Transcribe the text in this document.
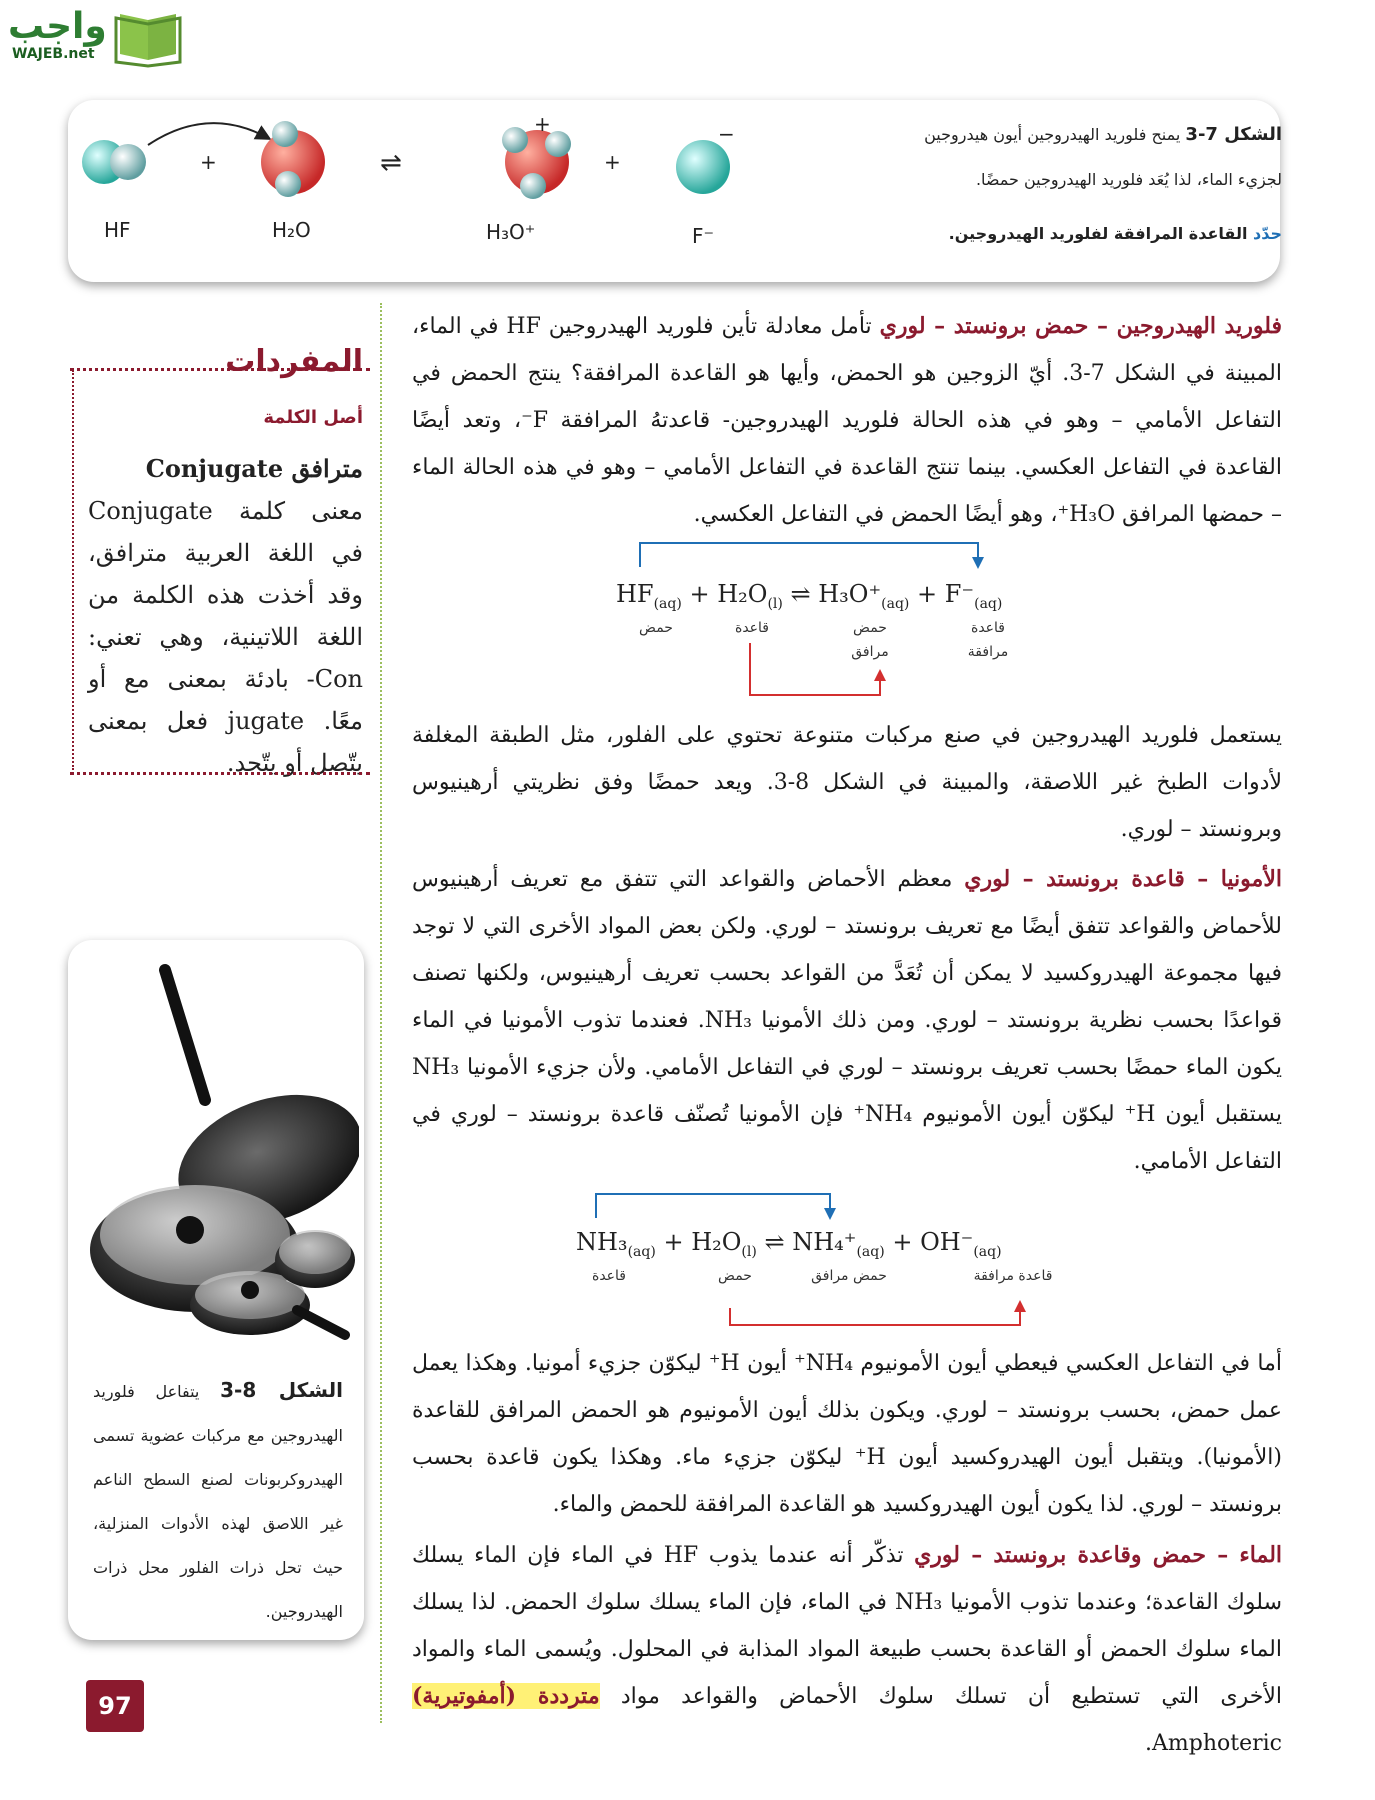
واجب
WAJEB.net
+	⇌
+
+
−
HF	H₂O	H₃O⁺	F⁻
الشكل 7-3 يمنح فلوريد الهيدروجين أيون هيدروجين
لجزيء الماء، لذا يُعَد فلوريد الهيدروجين حمضًا.
حدّد القاعدة المرافقة لفلوريد الهيدروجين.
المفردات
أصل الكلمة
مترافق Conjugate
معنى كلمة Conjugate في اللغة العربية مترافق، وقد أخذت هذه الكلمة من اللغة اللاتينية، وهي تعني: Con- بادئة بمعنى مع أو معًا. jugate فعل بمعنى يتّصل أو يتّحد.
الشكل 8-3 يتفاعل فلوريد الهيدروجين مع مركبات عضوية تسمى الهيدروكربونات لصنع السطح الناعم غير اللاصق لهذه الأدوات المنزلية، حيث تحل ذرات الفلور محل ذرات الهيدروجين.
فلوريد الهيدروجين – حمض برونستد – لوري تأمل معادلة تأين فلوريد الهيدروجين HF في الماء، المبينة في الشكل 7-3. أيّ الزوجين هو الحمض، وأيها هو القاعدة المرافقة؟ ينتج الحمض في التفاعل الأمامي – وهو في هذه الحالة فلوريد الهيدروجين- قاعدتهُ المرافقة F⁻، وتعد أيضًا القاعدة في التفاعل العكسي. بينما تنتج القاعدة في التفاعل الأمامي – وهو في هذه الحالة الماء – حمضها المرافق H₃O⁺، وهو أيضًا الحمض في التفاعل العكسي.
$HF_{(aq)} + H_2O_{(l)}$ ⇌ $H_3O^+_{(aq)} + F^-_{(aq)}$
حمض	قاعدة	حمض
مرافق
قاعدة
مرافقة
يستعمل فلوريد الهيدروجين في صنع مركبات متنوعة تحتوي على الفلور، مثل الطبقة المغلفة لأدوات الطبخ غير اللاصقة، والمبينة في الشكل 8-3. ويعد حمضًا وفق نظريتي أرهينيوس وبرونستد – لوري.
الأمونيا – قاعدة برونستد – لوري معظم الأحماض والقواعد التي تتفق مع تعريف أرهينيوس للأحماض والقواعد تتفق أيضًا مع تعريف برونستد – لوري. ولكن بعض المواد الأخرى التي لا توجد فيها مجموعة الهيدروكسيد لا يمكن أن تُعَدَّ من القواعد بحسب تعريف أرهينيوس، ولكنها تصنف قواعدًا بحسب نظرية برونستد – لوري. ومن ذلك الأمونيا NH₃. فعندما تذوب الأمونيا في الماء يكون الماء حمضًا بحسب تعريف برونستد – لوري في التفاعل الأمامي. ولأن جزيء الأمونيا NH₃ يستقبل أيون H⁺ ليكوّن أيون الأمونيوم NH₄⁺ فإن الأمونيا تُصنّف قاعدة برونستد – لوري في التفاعل الأمامي.
$NH_3_{(aq)} + H_2O_{(l)}$ ⇌ $NH_4^+_{(aq)} + OH^-_{(aq)}$
قاعدة	حمض	حمض مرافق	قاعدة مرافقة
أما في التفاعل العكسي فيعطي أيون الأمونيوم NH₄⁺ أيون H⁺ ليكوّن جزيء أمونيا. وهكذا يعمل عمل حمض، بحسب برونستد – لوري. ويكون بذلك أيون الأمونيوم هو الحمض المرافق للقاعدة (الأمونيا). ويتقبل أيون الهيدروكسيد أيون H⁺ ليكوّن جزيء ماء. وهكذا يكون قاعدة بحسب برونستد – لوري. لذا يكون أيون الهيدروكسيد هو القاعدة المرافقة للحمض والماء.
الماء – حمض وقاعدة برونستد – لوري تذكّر أنه عندما يذوب HF في الماء فإن الماء يسلك سلوك القاعدة؛ وعندما تذوب الأمونيا NH₃ في الماء، فإن الماء يسلك سلوك الحمض. لذا يسلك الماء سلوك الحمض أو القاعدة بحسب طبيعة المواد المذابة في المحلول. ويُسمى الماء والمواد الأخرى التي تستطيع أن تسلك سلوك الأحماض والقواعد مواد مترددة (أمفوتيرية) Amphoteric.
97
